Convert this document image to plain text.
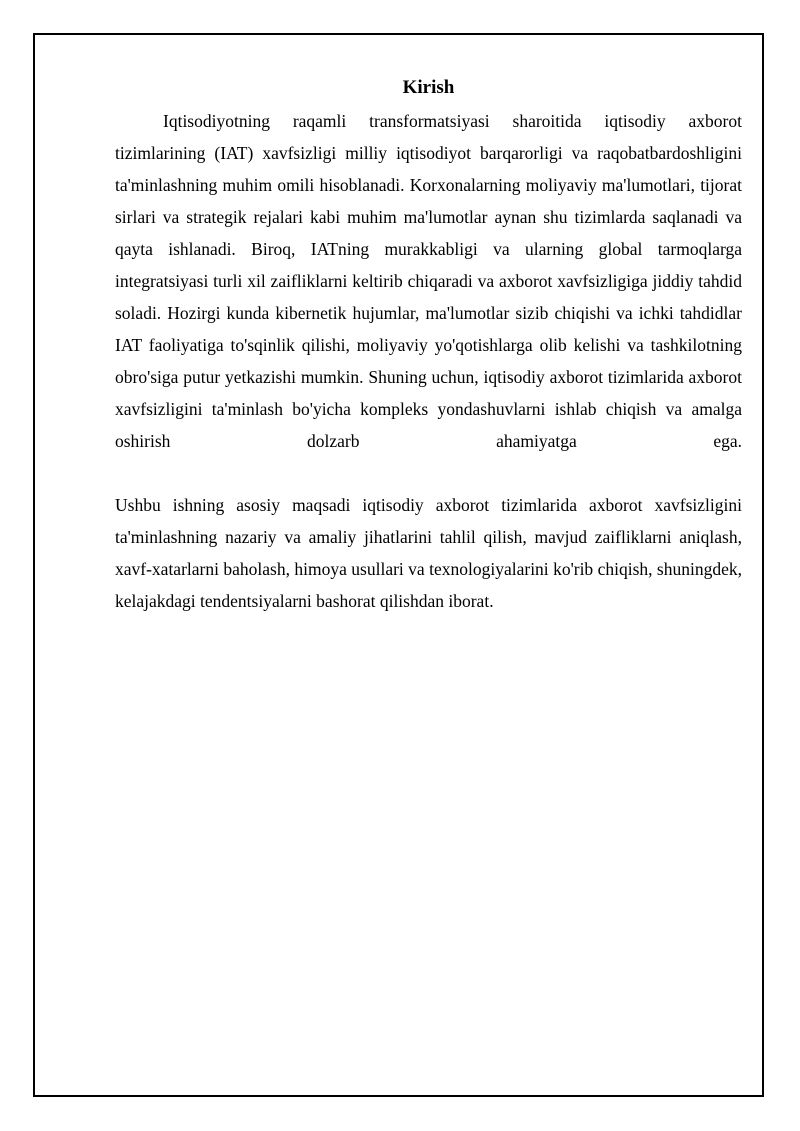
Kirish

Iqtisodiyotning raqamli transformatsiyasi sharoitida iqtisodiy axborot tizimlarining (IAT) xavfsizligi milliy iqtisodiyot barqarorligi va raqobatbardoshligini ta'minlashning muhim omili hisoblanadi. Korxonalarning moliyaviy ma'lumotlari, tijorat sirlari va strategik rejalari kabi muhim ma'lumotlar aynan shu tizimlarda saqlanadi va qayta ishlanadi. Biroq, IATning murakkabligi va ularning global tarmoqlarga integratsiyasi turli xil zaifliklarni keltirib chiqaradi va axborot xavfsizligiga jiddiy tahdid soladi. Hozirgi kunda kibernetik hujumlar, ma'lumotlar sizib chiqishi va ichki tahdidlar IAT faoliyatiga to'sqinlik qilishi, moliyaviy yo'qotishlarga olib kelishi va tashkilotning obro'siga putur yetkazishi mumkin. Shuning uchun, iqtisodiy axborot tizimlarida axborot xavfsizligini ta'minlash bo'yicha kompleks yondashuvlarni ishlab chiqish va amalga oshirish dolzarb ahamiyatga ega.

Ushbu ishning asosiy maqsadi iqtisodiy axborot tizimlarida axborot xavfsizligini ta'minlashning nazariy va amaliy jihatlarini tahlil qilish, mavjud zaifliklarni aniqlash, xavf-xatarlarni baholash, himoya usullari va texnologiyalarini ko'rib chiqish, shuningdek, kelajakdagi tendentsiyalarni bashorat qilishdan iborat.
